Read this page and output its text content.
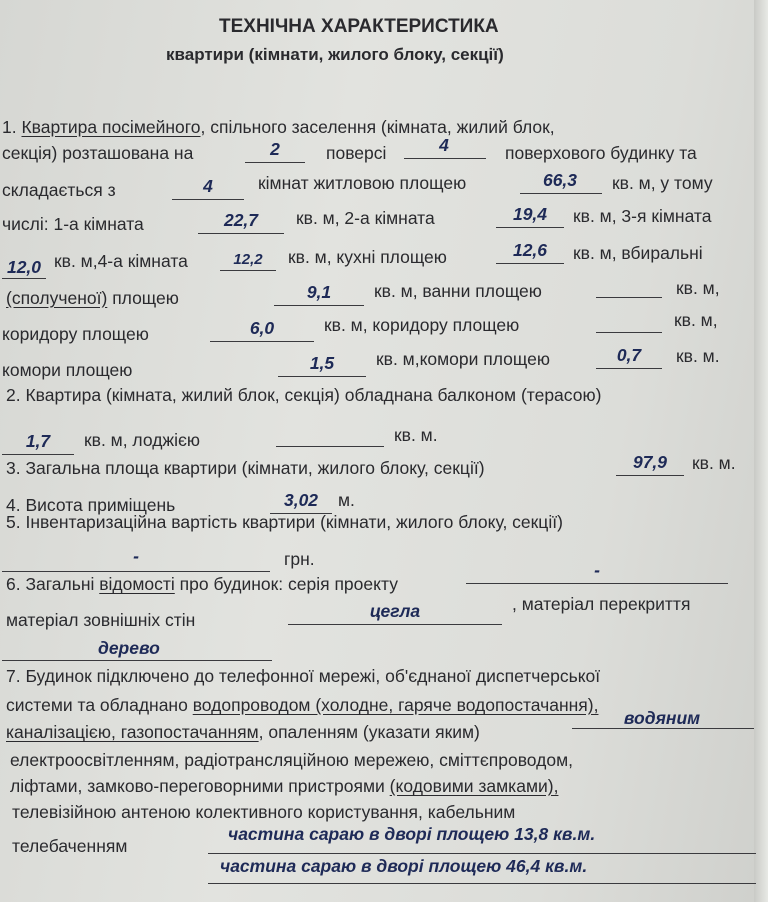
ТЕХНІЧНА ХАРАКТЕРИСТИКА
квартири (кімнати, жилого блоку, секції)
1. Квартира посімейного, спільного заселення (кімната, жилий блок,
секція) розташована на	2	поверсі	4	поверхового будинку та
складається з	4	кімнат житловою площею	66,3	кв. м, у тому
числі: 1-а кімната	22,7	кв. м, 2-а кімната	19,4	кв. м, 3-я кімната
12,0 кв. м,4-а кімната	12,2	кв. м, кухні площею	12,6	кв. м, вбиральні
(сполученої) площею	9,1	кв. м, ванни площею	кв. м,
коридору площею	6,0	кв. м, коридору площею	кв. м,
комори площею	1,5	кв. м,комори площею	0,7	кв. м.
2. Квартира (кімната, жилий блок, секція) обладнана балконом (терасою)
1,7	кв. м, лоджією	кв. м.
3. Загальна площа квартири (кімнати, жилого блоку, секції)	97,9	кв. м.
4. Висота приміщень	3,02	м.
5. Інвентаризаційна вартість квартири (кімнати, жилого блоку, секції)
-	грн.
6. Загальні відомості про будинок: серія проекту
-
матеріал зовнішніх стін	цегла	, матеріал перекриття
дерево
7. Будинок підключено до телефонної мережі, об'єднаної диспетчерської
системи та обладнано водопроводом (холодне, гаряче водопостачання),
каналізацією, газопостачанням, опаленням (указати яким)
водяним
електроосвітленням, радіотрансляційною мережею, сміттєпроводом,
ліфтами, замково-переговорними пристроями (кодовими замками),
телевізійною антеною колективного користування, кабельним
телебаченням
частина сараю в дворі площею 13,8 кв.м.
частина сараю в дворі площею 46,4 кв.м.
